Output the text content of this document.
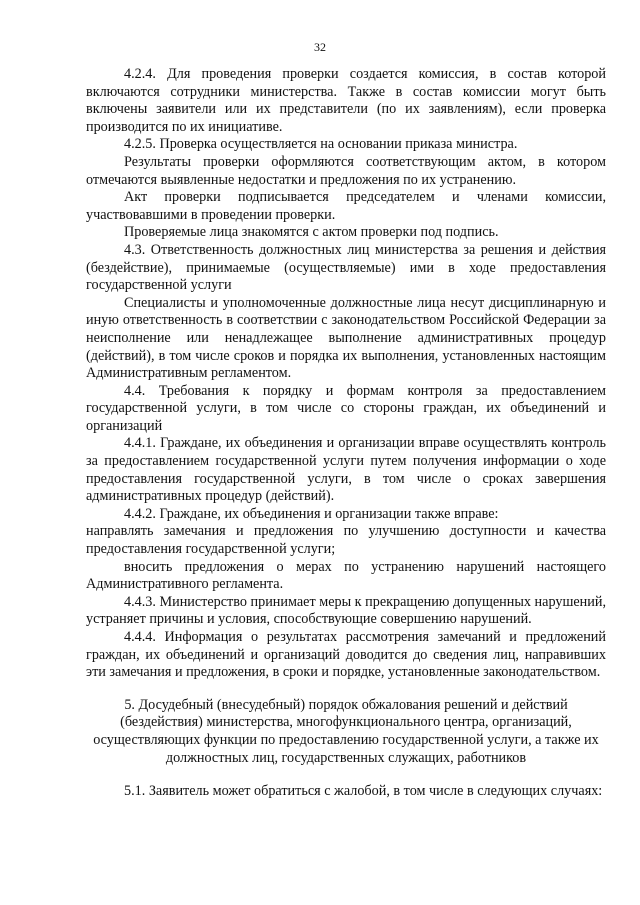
32

4.2.4. Для проведения проверки создается комиссия, в состав которой включаются сотрудники министерства. Также в состав комиссии могут быть включены заявители или их представители (по их заявлениям), если проверка производится по их инициативе.

4.2.5. Проверка осуществляется на основании приказа министра.

Результаты проверки оформляются соответствующим актом, в котором отмечаются выявленные недостатки и предложения по их устранению.

Акт проверки подписывается председателем и членами комиссии, участвовавшими в проведении проверки.

Проверяемые лица знакомятся с актом проверки под подпись.

4.3. Ответственность должностных лиц министерства за решения и действия (бездействие), принимаемые (осуществляемые) ими в ходе предоставления государственной услуги

Специалисты и уполномоченные должностные лица несут дисциплинарную и иную ответственность в соответствии с законодательством Российской Федерации за неисполнение или ненадлежащее выполнение административных процедур (действий), в том числе сроков и порядка их выполнения, установленных настоящим Административным регламентом.

4.4. Требования к порядку и формам контроля за предоставлением государственной услуги, в том числе со стороны граждан, их объединений и организаций

4.4.1. Граждане, их объединения и организации вправе осуществлять контроль за предоставлением государственной услуги путем получения информации о ходе предоставления государственной услуги, в том числе о сроках завершения административных процедур (действий).

4.4.2. Граждане, их объединения и организации также вправе:

направлять замечания и предложения по улучшению доступности и качества предоставления государственной услуги;

вносить предложения о мерах по устранению нарушений настоящего Административного регламента.

4.4.3. Министерство принимает меры к прекращению допущенных нарушений, устраняет причины и условия, способствующие совершению нарушений.

4.4.4. Информация о результатах рассмотрения замечаний и предложений граждан, их объединений и организаций доводится до сведения лиц, направивших эти замечания и предложения, в сроки и порядке, установленные законодательством.

5. Досудебный (внесудебный) порядок обжалования решений и действий (бездействия) министерства, многофункционального центра, организаций, осуществляющих функции по предоставлению государственной услуги, а также их должностных лиц, государственных служащих, работников

5.1. Заявитель может обратиться с жалобой, в том числе в следующих случаях:
